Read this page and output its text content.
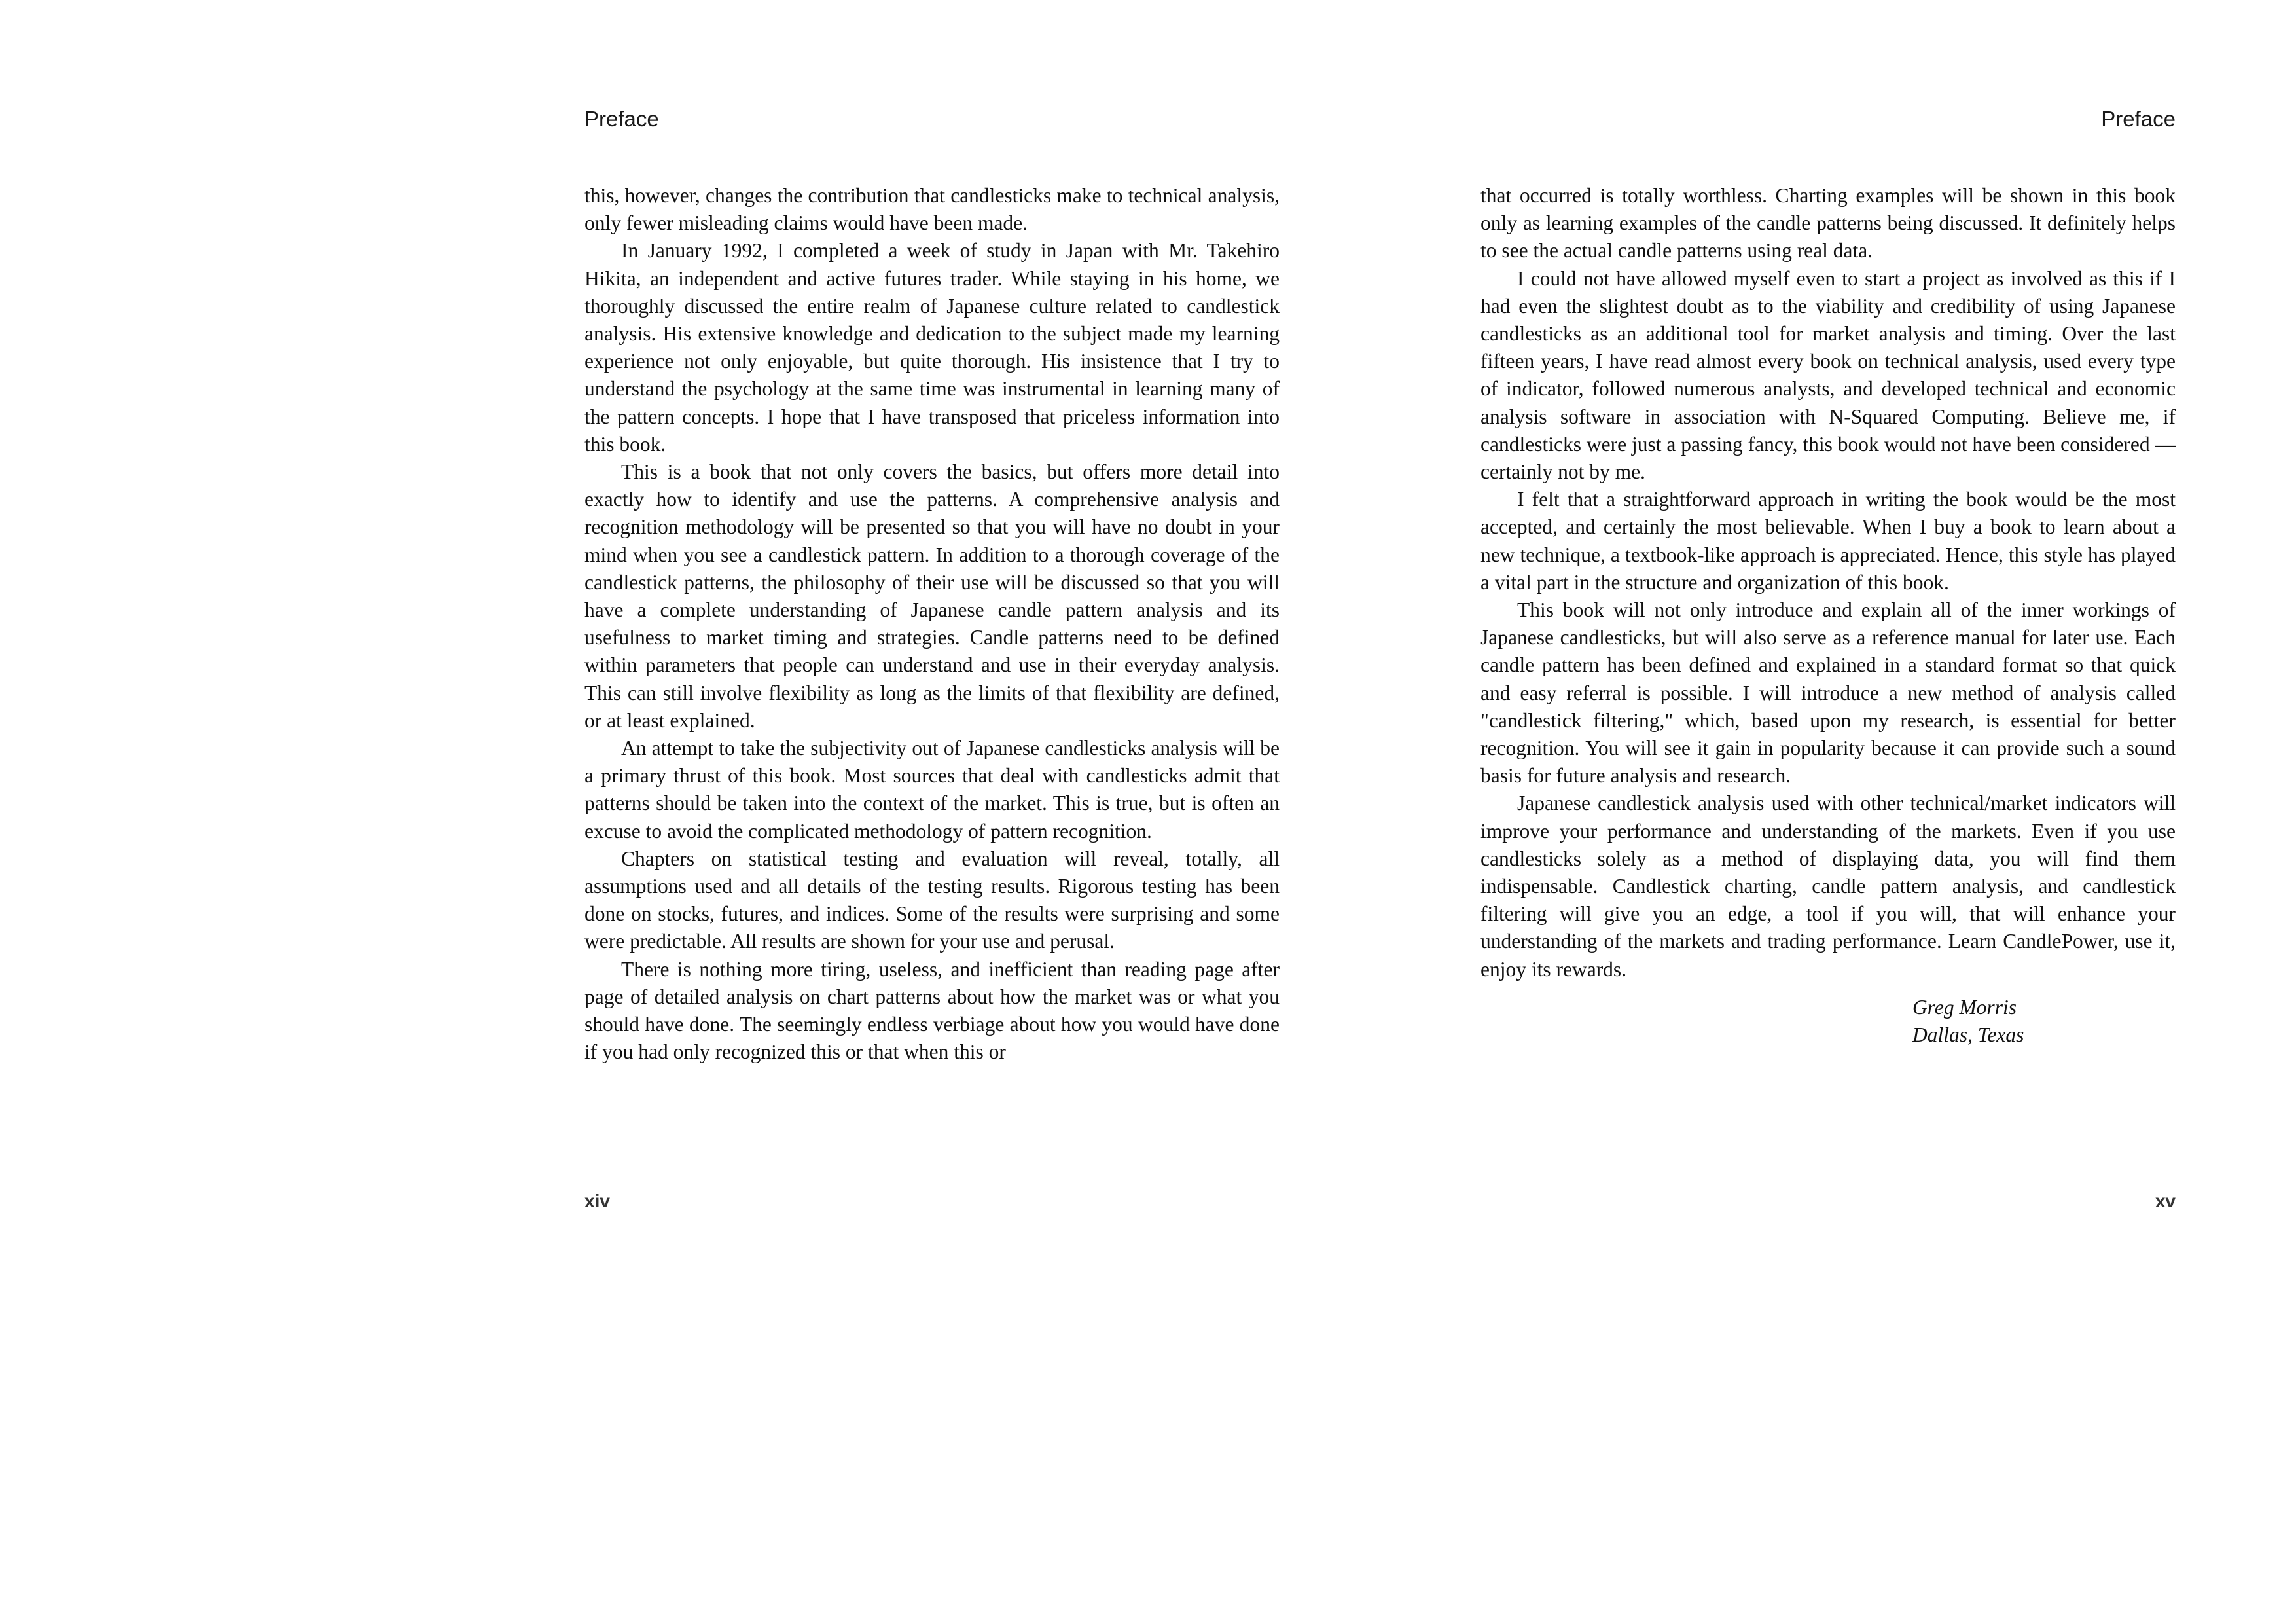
Preface

this, however, changes the contribution that candlesticks make to technical analysis, only fewer misleading claims would have been made.

In January 1992, I completed a week of study in Japan with Mr. Takehiro Hikita, an independent and active futures trader. While staying in his home, we thoroughly discussed the entire realm of Japanese culture related to candlestick analysis. His extensive knowledge and dedication to the subject made my learning experience not only enjoyable, but quite thorough. His insistence that I try to understand the psychology at the same time was instrumental in learning many of the pattern concepts. I hope that I have transposed that priceless information into this book.

This is a book that not only covers the basics, but offers more detail into exactly how to identify and use the patterns. A comprehensive analysis and recognition methodology will be presented so that you will have no doubt in your mind when you see a candlestick pattern. In addition to a thorough coverage of the candlestick patterns, the philosophy of their use will be discussed so that you will have a complete understanding of Japanese candle pattern analysis and its usefulness to market timing and strategies. Candle patterns need to be defined within parameters that people can understand and use in their everyday analysis. This can still involve flexibility as long as the limits of that flexibility are defined, or at least explained.

An attempt to take the subjectivity out of Japanese candlesticks analysis will be a primary thrust of this book. Most sources that deal with candlesticks admit that patterns should be taken into the context of the market. This is true, but is often an excuse to avoid the complicated methodology of pattern recognition.

Chapters on statistical testing and evaluation will reveal, totally, all assumptions used and all details of the testing results. Rigorous testing has been done on stocks, futures, and indices. Some of the results were surprising and some were predictable. All results are shown for your use and perusal.

There is nothing more tiring, useless, and inefficient than reading page after page of detailed analysis on chart patterns about how the market was or what you should have done. The seemingly endless verbiage about how you would have done if you had only recognized this or that when this or

xiv
Preface

that occurred is totally worthless. Charting examples will be shown in this book only as learning examples of the candle patterns being discussed. It definitely helps to see the actual candle patterns using real data.

I could not have allowed myself even to start a project as involved as this if I had even the slightest doubt as to the viability and credibility of using Japanese candlesticks as an additional tool for market analysis and timing. Over the last fifteen years, I have read almost every book on technical analysis, used every type of indicator, followed numerous analysts, and developed technical and economic analysis software in association with N-Squared Computing. Believe me, if candlesticks were just a passing fancy, this book would not have been considered — certainly not by me.

I felt that a straightforward approach in writing the book would be the most accepted, and certainly the most believable. When I buy a book to learn about a new technique, a textbook-like approach is appreciated. Hence, this style has played a vital part in the structure and organization of this book.

This book will not only introduce and explain all of the inner workings of Japanese candlesticks, but will also serve as a reference manual for later use. Each candle pattern has been defined and explained in a standard format so that quick and easy referral is possible. I will introduce a new method of analysis called "candlestick filtering," which, based upon my research, is essential for better recognition. You will see it gain in popularity because it can provide such a sound basis for future analysis and research.

Japanese candlestick analysis used with other technical/market indicators will improve your performance and understanding of the markets. Even if you use candlesticks solely as a method of displaying data, you will find them indispensable. Candlestick charting, candle pattern analysis, and candlestick filtering will give you an edge, a tool if you will, that will enhance your understanding of the markets and trading performance. Learn CandlePower, use it, enjoy its rewards.

Greg Morris
Dallas, Texas
xv
